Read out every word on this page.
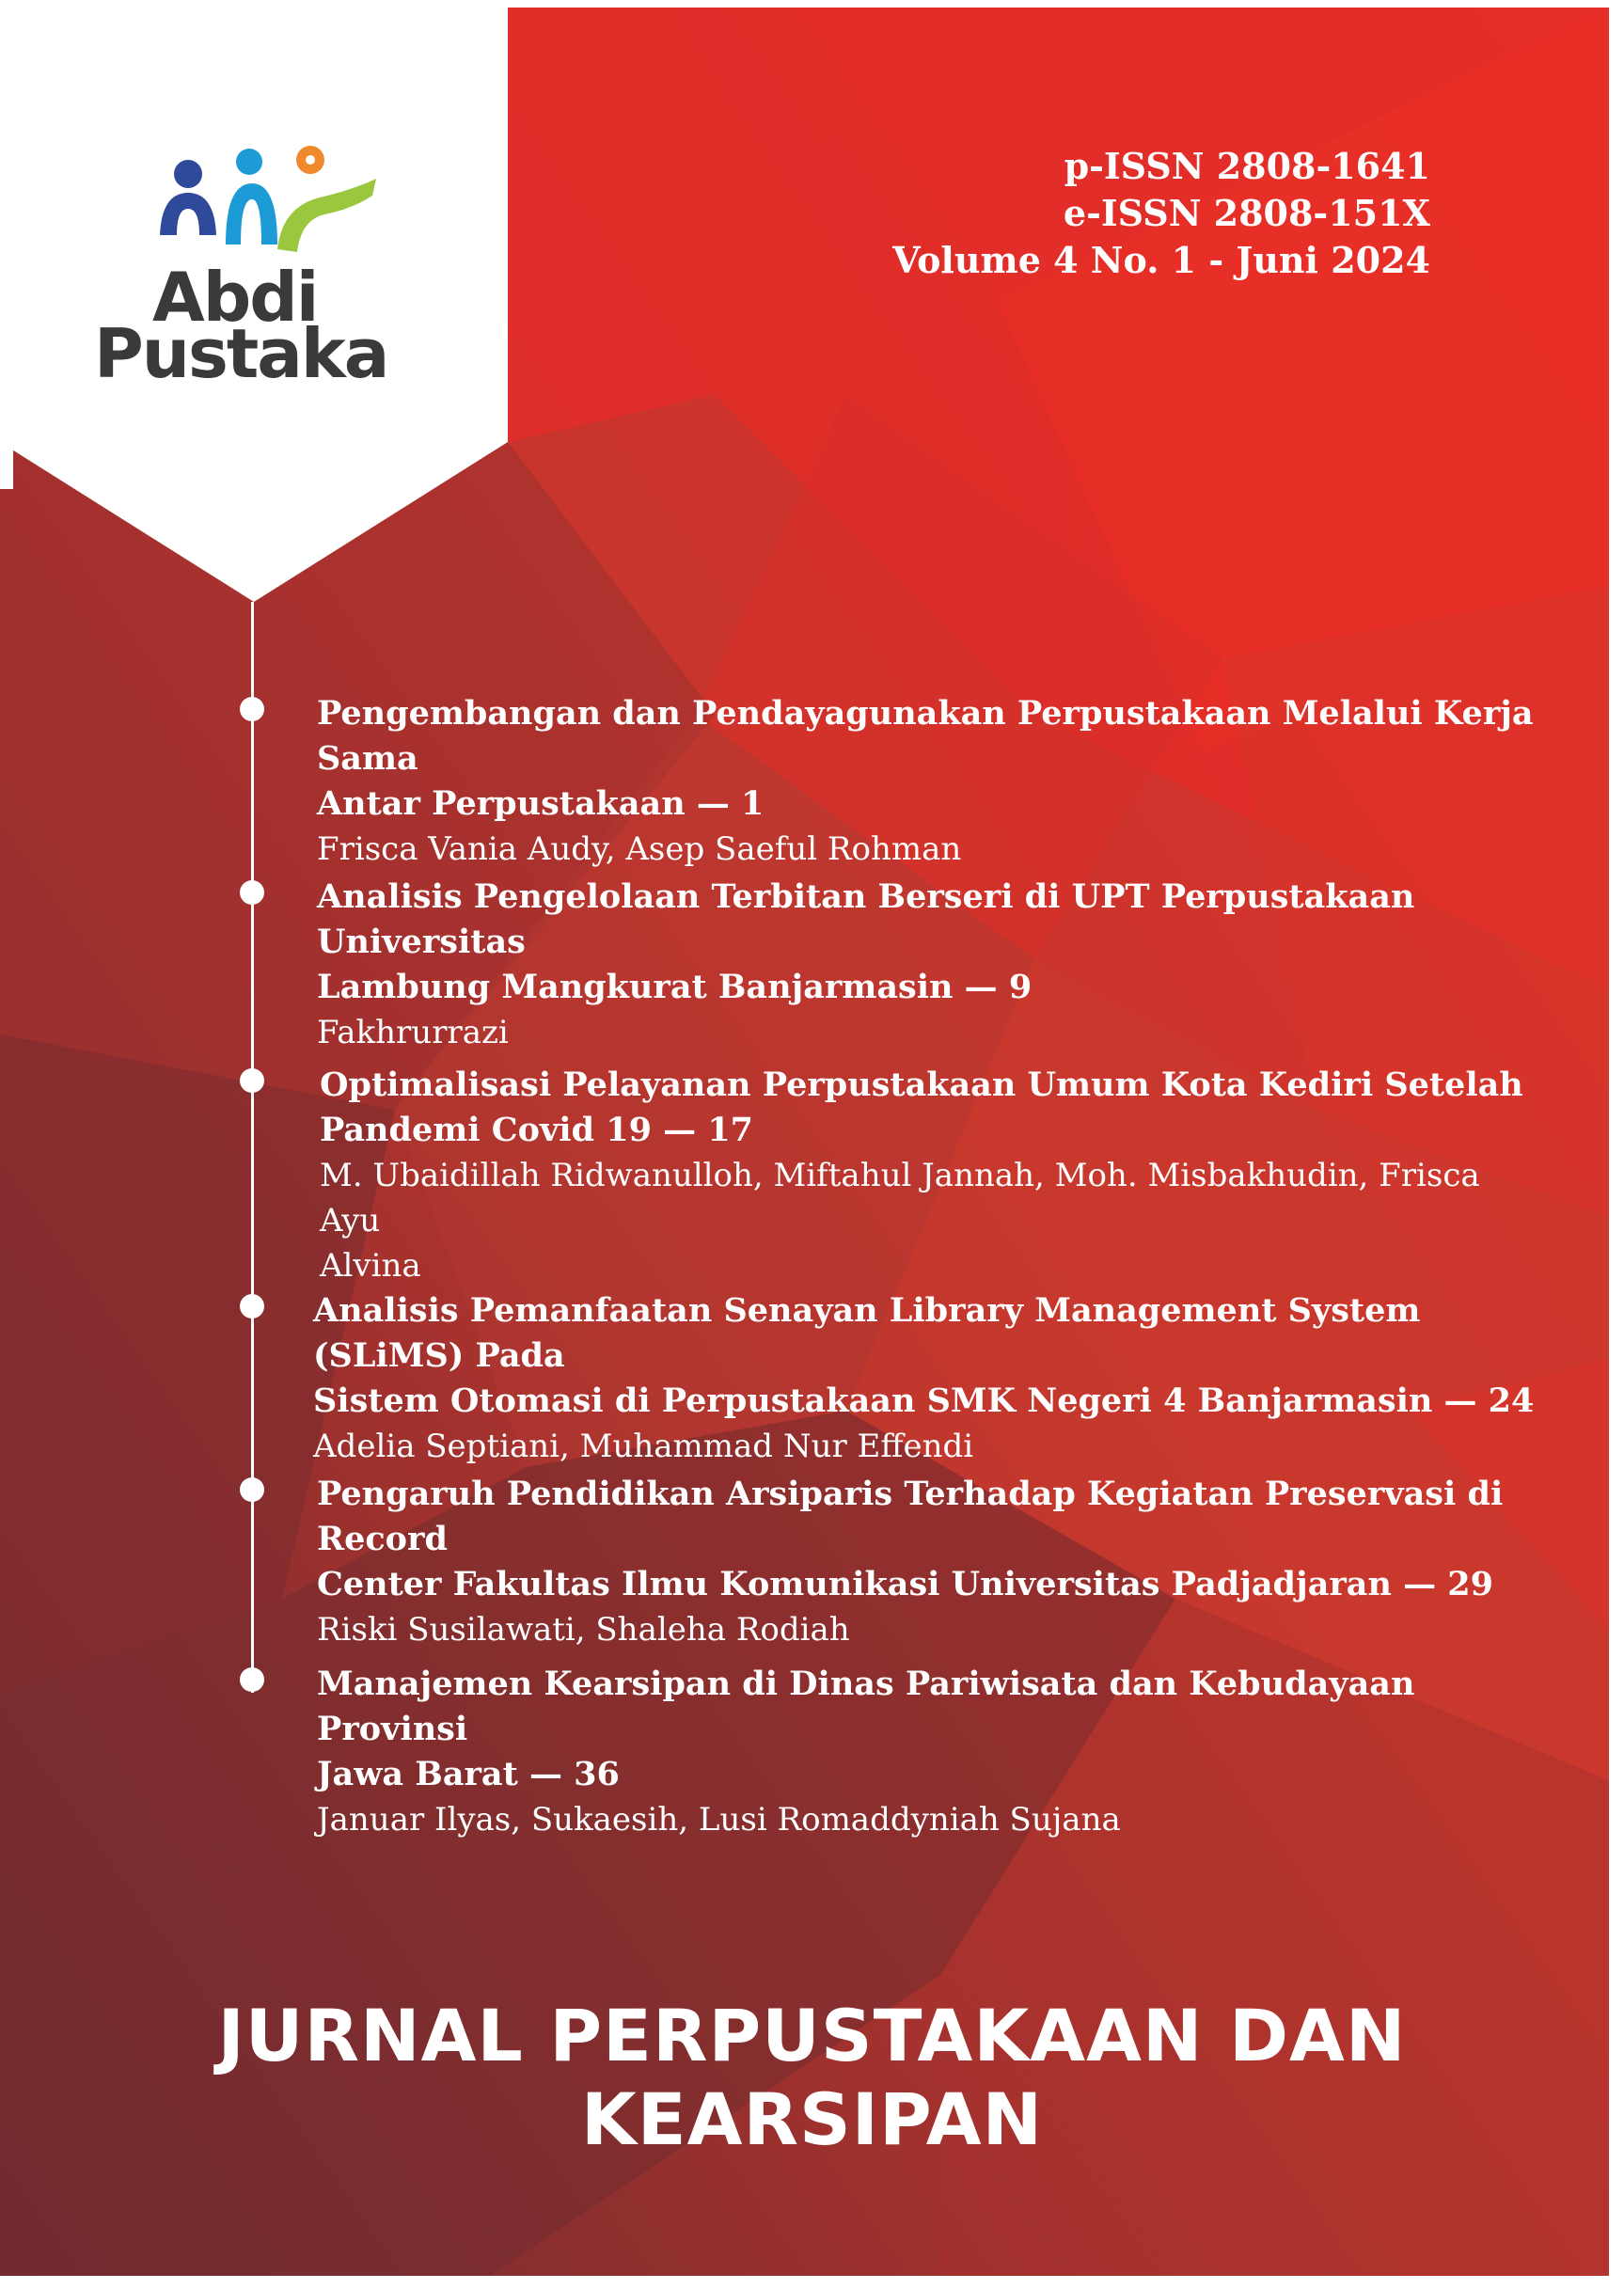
Abdi
Pustaka
p-ISSN 2808-1641
e-ISSN 2808-151X
Volume 4 No. 1 - Juni 2024
Pengembangan dan Pendayagunakan Perpustakaan Melalui Kerja Sama
Antar Perpustakaan — 1
Frisca Vania Audy, Asep Saeful Rohman
Analisis Pengelolaan Terbitan Berseri di UPT Perpustakaan Universitas
Lambung Mangkurat Banjarmasin — 9
Fakhrurrazi
Optimalisasi Pelayanan Perpustakaan Umum Kota Kediri Setelah
Pandemi Covid 19 — 17
M. Ubaidillah Ridwanulloh, Miftahul Jannah, Moh. Misbakhudin, Frisca Ayu
Alvina
Analisis Pemanfaatan Senayan Library Management System (SLiMS) Pada
Sistem Otomasi di Perpustakaan SMK Negeri 4 Banjarmasin — 24
Adelia Septiani, Muhammad Nur Effendi
Pengaruh Pendidikan Arsiparis Terhadap Kegiatan Preservasi di Record
Center Fakultas Ilmu Komunikasi Universitas Padjadjaran — 29
Riski Susilawati, Shaleha Rodiah
Manajemen Kearsipan di Dinas Pariwisata dan Kebudayaan Provinsi
Jawa Barat — 36
Januar Ilyas, Sukaesih, Lusi Romaddyniah Sujana
JURNAL PERPUSTAKAAN DAN KEARSIPAN
